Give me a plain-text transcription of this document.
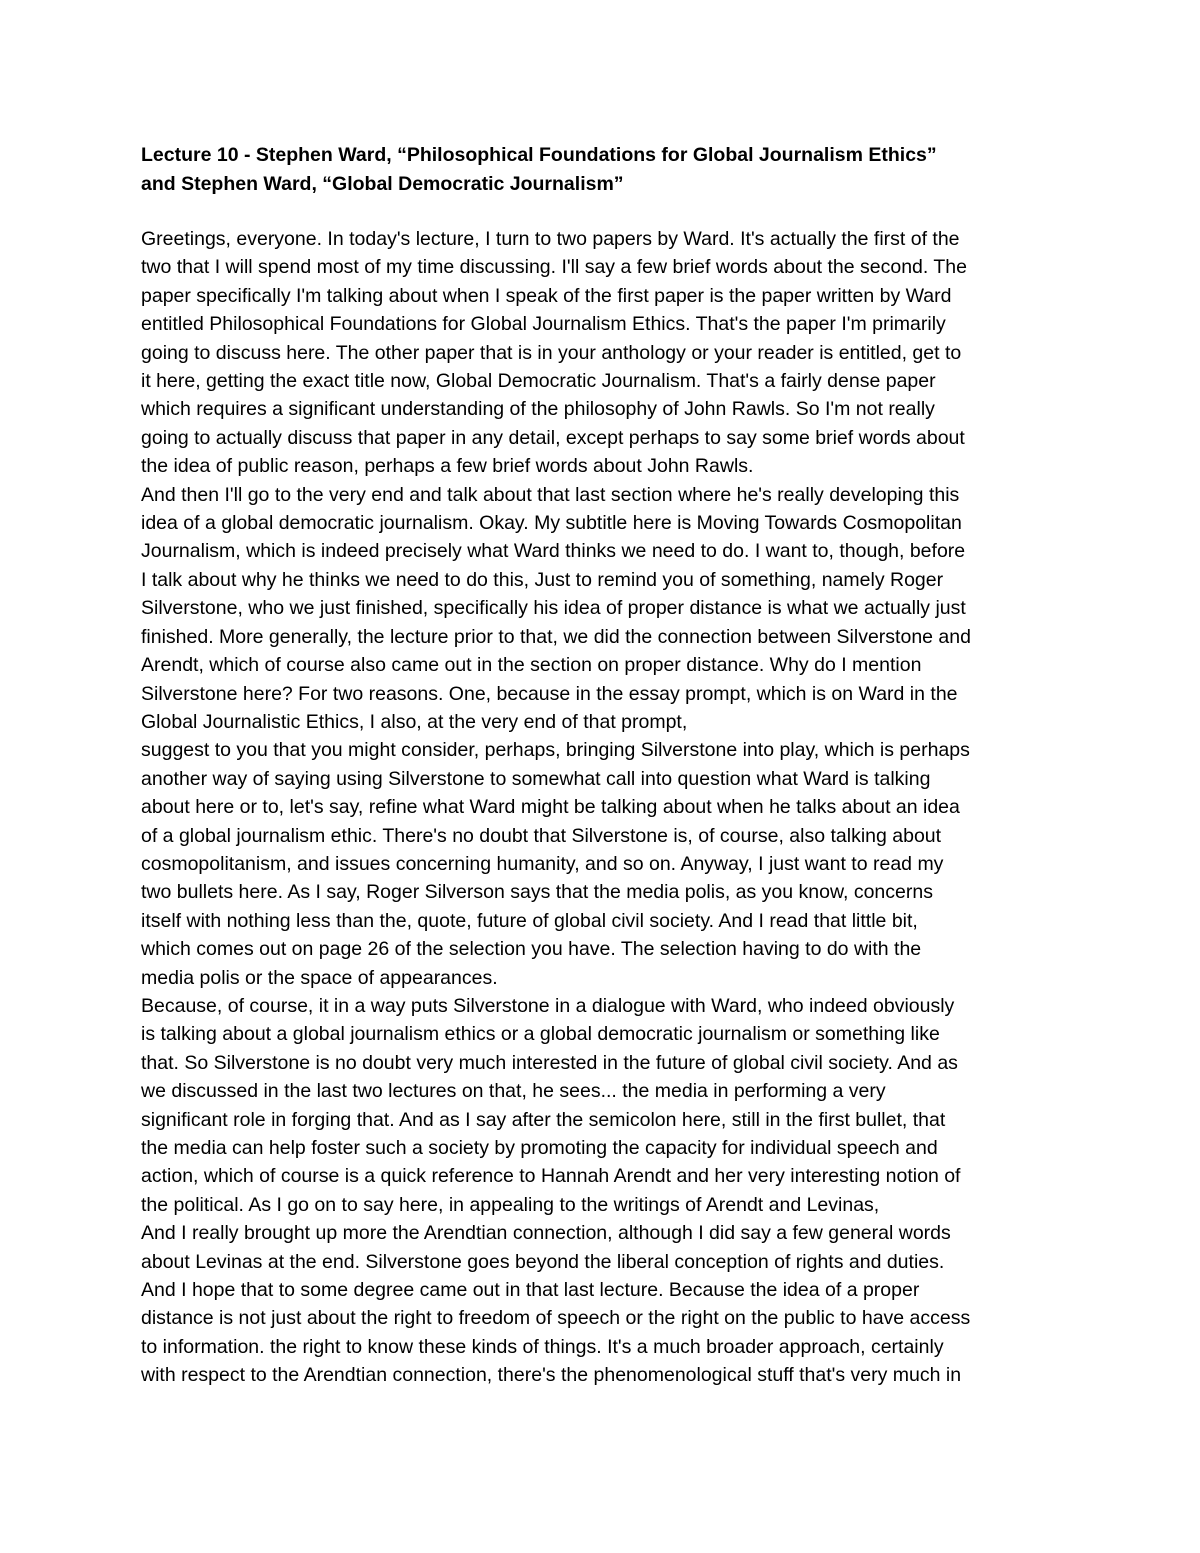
Lecture 10 - Stephen Ward, “Philosophical Foundations for Global Journalism Ethics”
and Stephen Ward, “Global Democratic Journalism”
Greetings, everyone. In today's lecture, I turn to two papers by Ward. It's actually the first of the
two that I will spend most of my time discussing. I'll say a few brief words about the second. The
paper specifically I'm talking about when I speak of the first paper is the paper written by Ward
entitled Philosophical Foundations for Global Journalism Ethics. That's the paper I'm primarily
going to discuss here. The other paper that is in your anthology or your reader is entitled, get to
it here, getting the exact title now, Global Democratic Journalism. That's a fairly dense paper
which requires a significant understanding of the philosophy of John Rawls. So I'm not really
going to actually discuss that paper in any detail, except perhaps to say some brief words about
the idea of public reason, perhaps a few brief words about John Rawls.
And then I'll go to the very end and talk about that last section where he's really developing this
idea of a global democratic journalism. Okay. My subtitle here is Moving Towards Cosmopolitan
Journalism, which is indeed precisely what Ward thinks we need to do. I want to, though, before
I talk about why he thinks we need to do this, Just to remind you of something, namely Roger
Silverstone, who we just finished, specifically his idea of proper distance is what we actually just
finished. More generally, the lecture prior to that, we did the connection between Silverstone and
Arendt, which of course also came out in the section on proper distance. Why do I mention
Silverstone here? For two reasons. One, because in the essay prompt, which is on Ward in the
Global Journalistic Ethics, I also, at the very end of that prompt,
suggest to you that you might consider, perhaps, bringing Silverstone into play, which is perhaps
another way of saying using Silverstone to somewhat call into question what Ward is talking
about here or to, let's say, refine what Ward might be talking about when he talks about an idea
of a global journalism ethic. There's no doubt that Silverstone is, of course, also talking about
cosmopolitanism, and issues concerning humanity, and so on. Anyway, I just want to read my
two bullets here. As I say, Roger Silverson says that the media polis, as you know, concerns
itself with nothing less than the, quote, future of global civil society. And I read that little bit,
which comes out on page 26 of the selection you have. The selection having to do with the
media polis or the space of appearances.
Because, of course, it in a way puts Silverstone in a dialogue with Ward, who indeed obviously
is talking about a global journalism ethics or a global democratic journalism or something like
that. So Silverstone is no doubt very much interested in the future of global civil society. And as
we discussed in the last two lectures on that, he sees... the media in performing a very
significant role in forging that. And as I say after the semicolon here, still in the first bullet, that
the media can help foster such a society by promoting the capacity for individual speech and
action, which of course is a quick reference to Hannah Arendt and her very interesting notion of
the political. As I go on to say here, in appealing to the writings of Arendt and Levinas,
And I really brought up more the Arendtian connection, although I did say a few general words
about Levinas at the end. Silverstone goes beyond the liberal conception of rights and duties.
And I hope that to some degree came out in that last lecture. Because the idea of a proper
distance is not just about the right to freedom of speech or the right on the public to have access
to information. the right to know these kinds of things. It's a much broader approach, certainly
with respect to the Arendtian connection, there's the phenomenological stuff that's very much in
